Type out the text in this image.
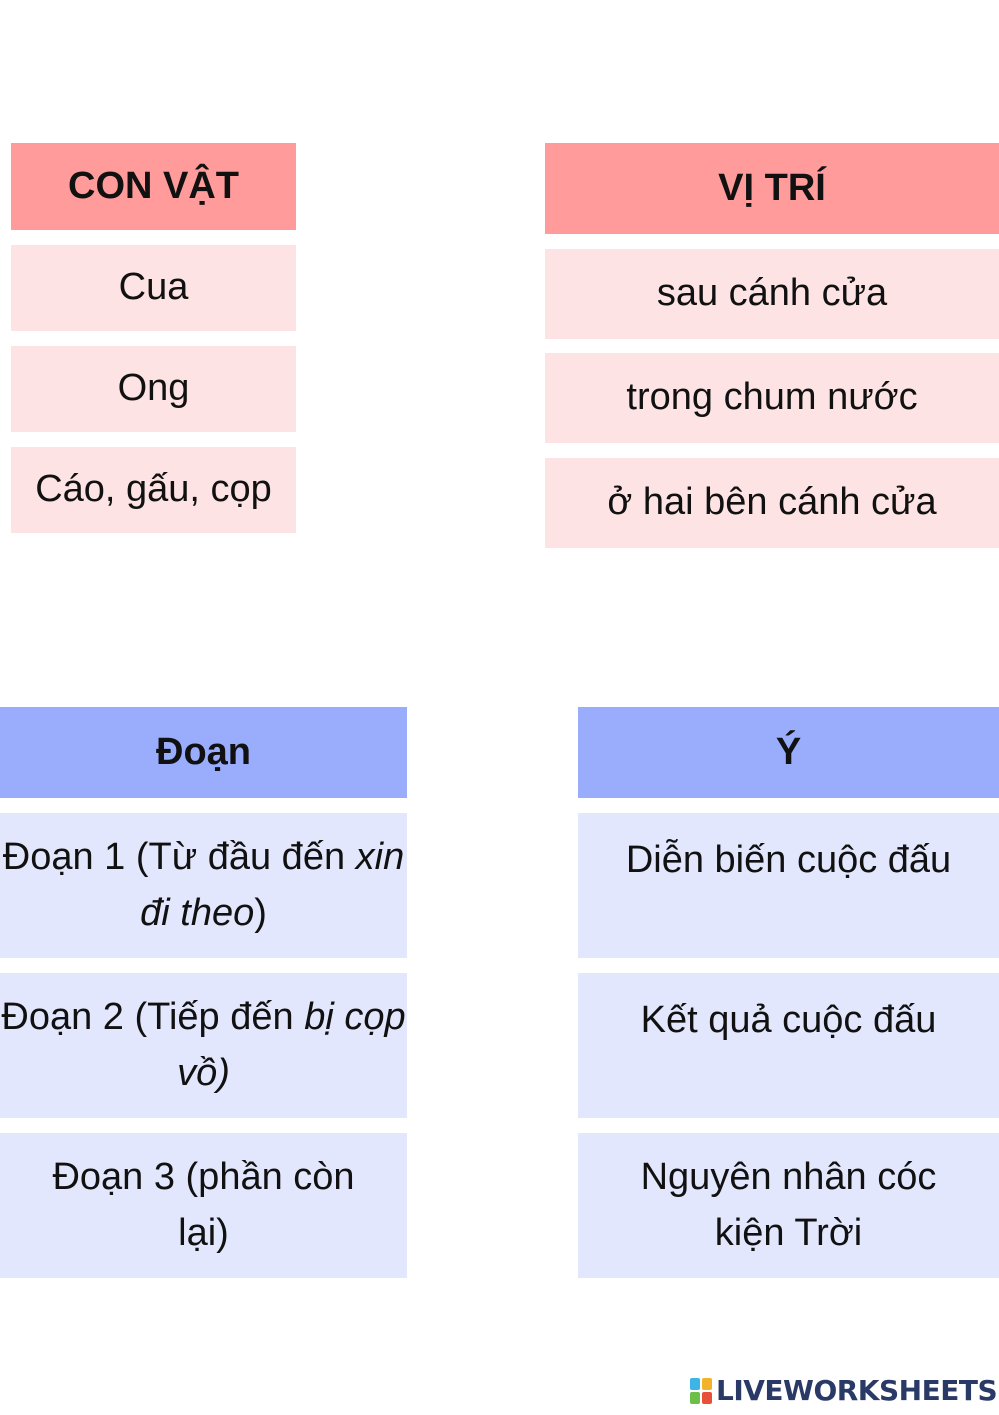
CON VẬT
Cua
Ong
Cáo, gấu, cọp
VỊ TRÍ
sau cánh cửa
trong chum nước
ở hai bên cánh cửa
Đoạn
Đoạn 1 (Từ đầu đến xin đi theo)
Đoạn 2 (Tiếp đến bị cọp vồ)
Đoạn 3 (phần còn lại)
Ý
Diễn biến cuộc đấu
Kết quả cuộc đấu
Nguyên nhân cóc kiện Trời
LIVEWORKSHEETS
